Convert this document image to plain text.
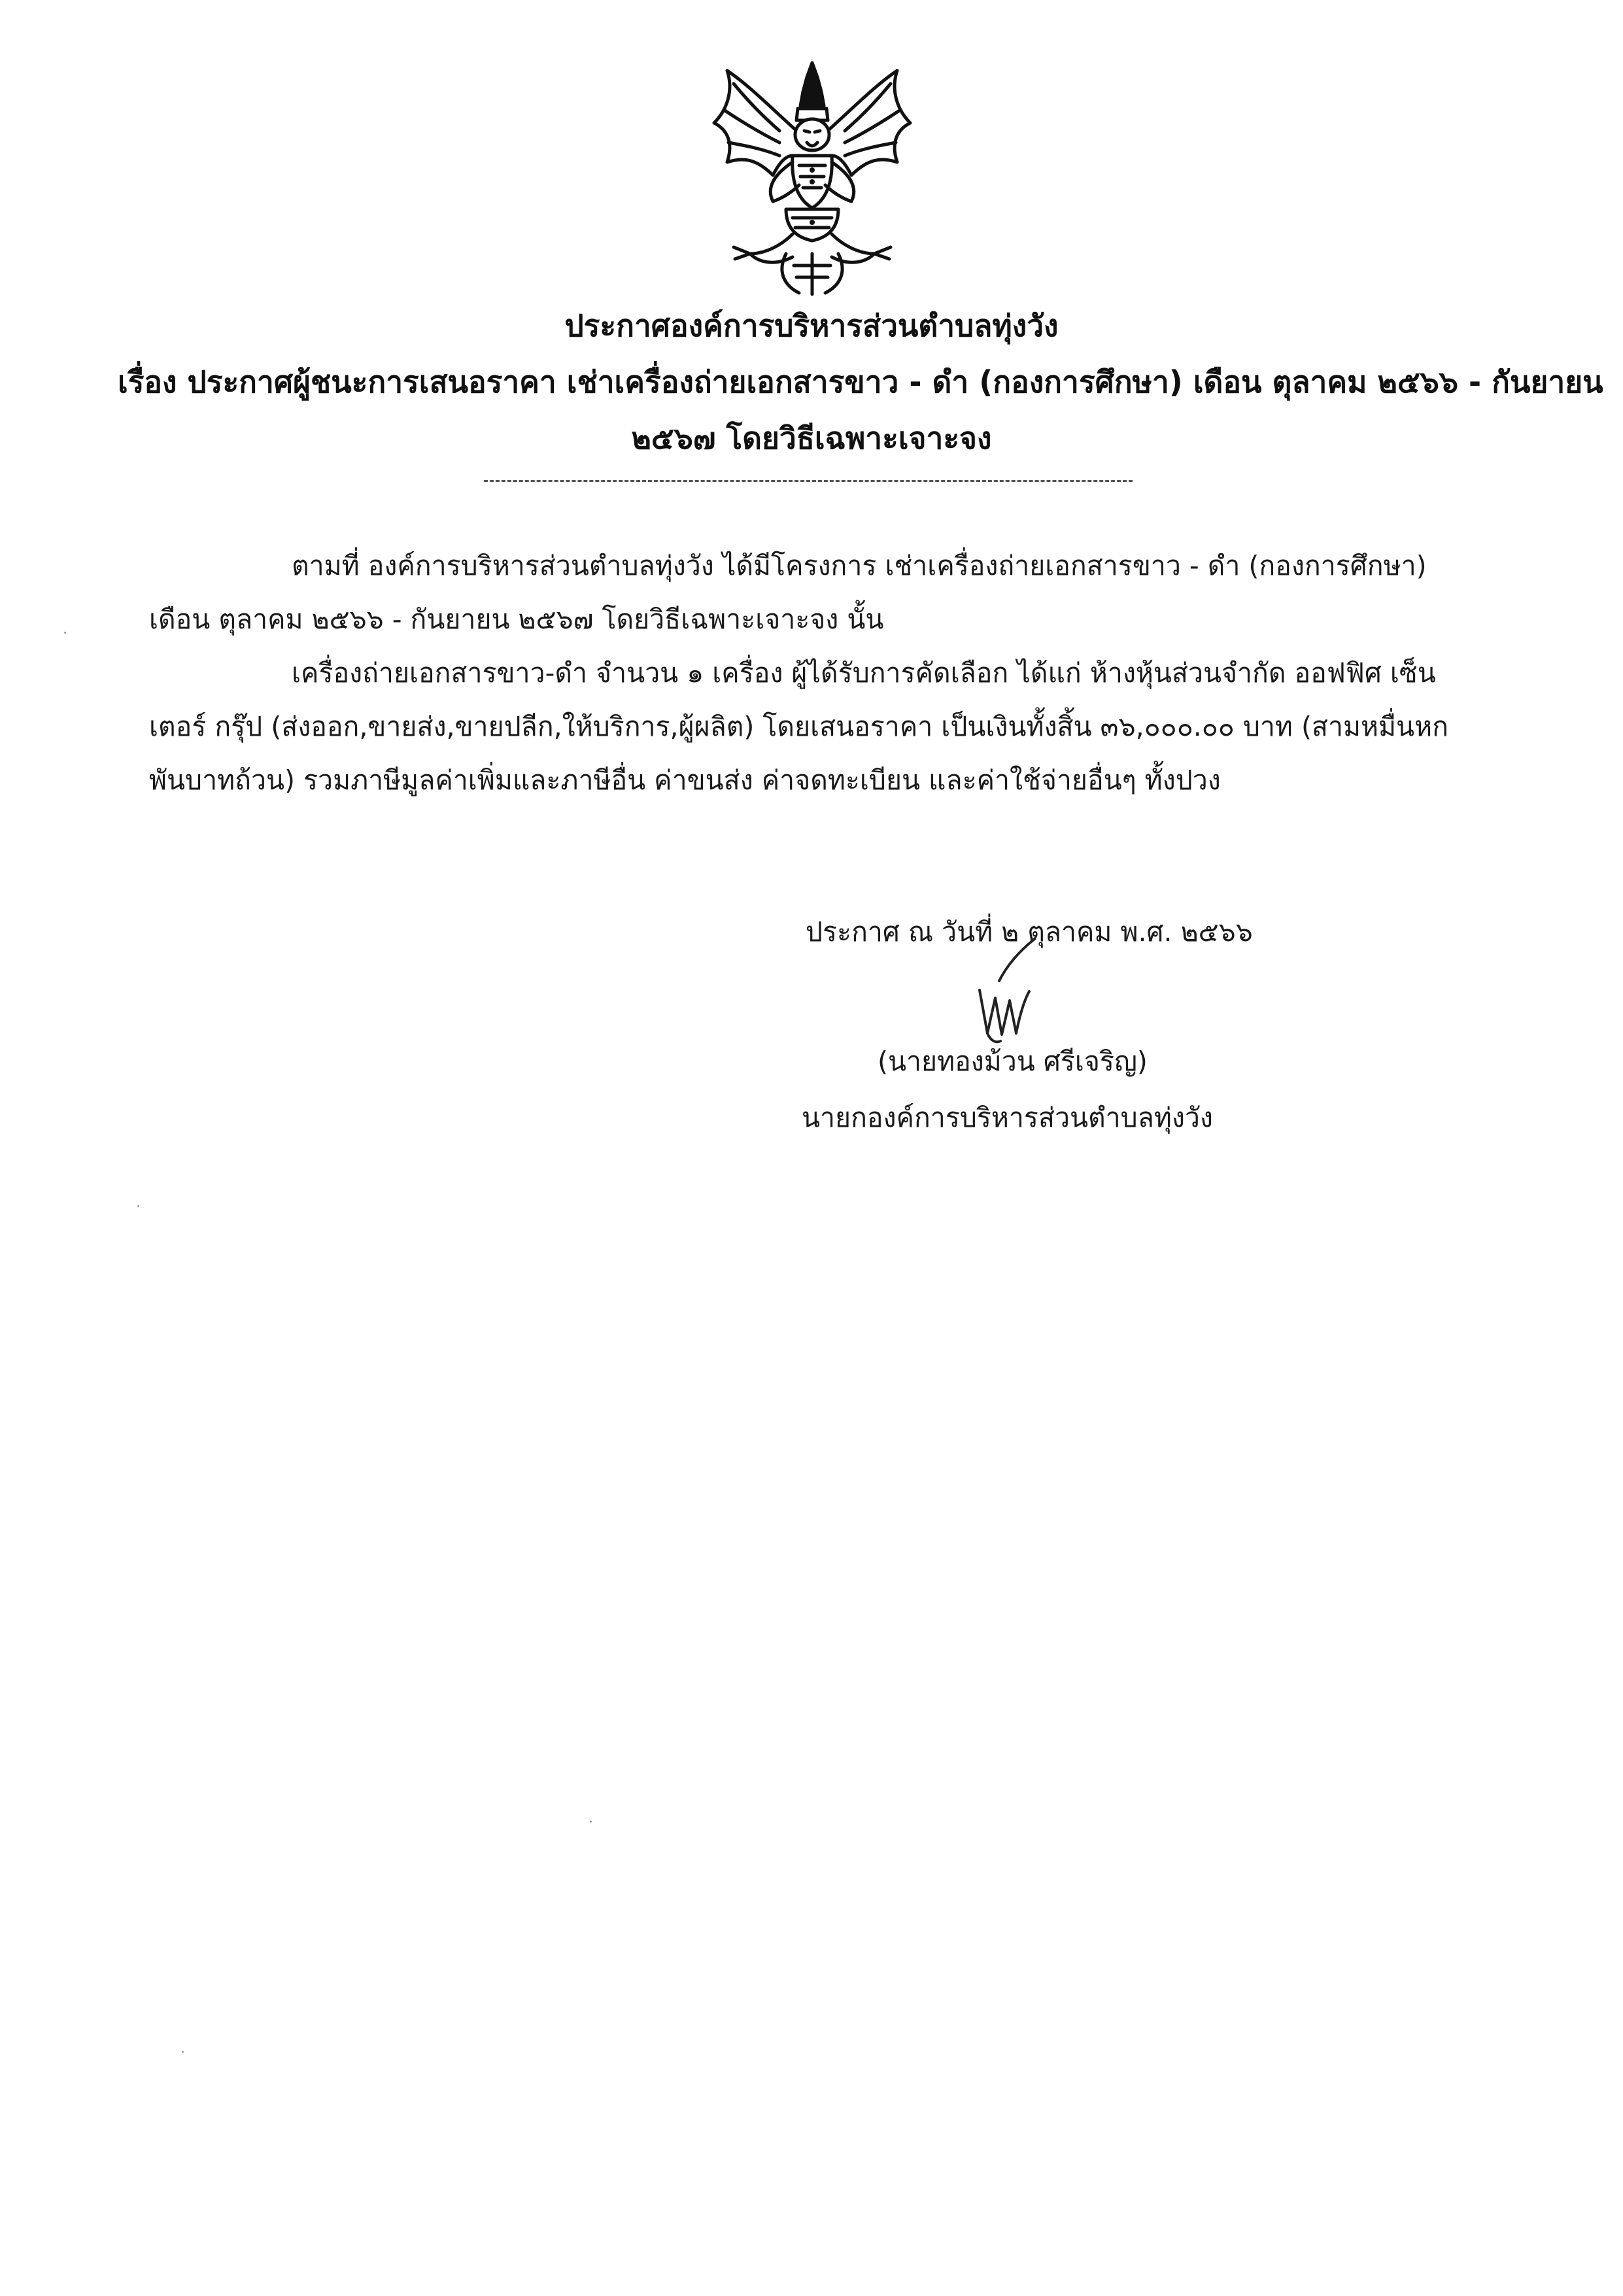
ประกาศองค์การบริหารส่วนตำบลทุ่งวัง
เรื่อง ประกาศผู้ชนะการเสนอราคา เช่าเครื่องถ่ายเอกสารขาว - ดำ (กองการศึกษา) เดือน ตุลาคม ๒๕๖๖ - กันยายน
๒๕๖๗ โดยวิธีเฉพาะเจาะจง
ตามที่ องค์การบริหารส่วนตำบลทุ่งวัง ได้มีโครงการ เช่าเครื่องถ่ายเอกสารขาว - ดำ (กองการศึกษา)
เดือน ตุลาคม ๒๕๖๖ - กันยายน ๒๕๖๗ โดยวิธีเฉพาะเจาะจง นั้น
เครื่องถ่ายเอกสารขาว-ดำ จำนวน ๑ เครื่อง ผู้ได้รับการคัดเลือก ได้แก่ ห้างหุ้นส่วนจำกัด ออฟฟิศ เซ็น
เตอร์ กรุ๊ป (ส่งออก,ขายส่ง,ขายปลีก,ให้บริการ,ผู้ผลิต) โดยเสนอราคา เป็นเงินทั้งสิ้น ๓๖,๐๐๐.๐๐ บาท (สามหมื่นหก
พันบาทถ้วน) รวมภาษีมูลค่าเพิ่มและภาษีอื่น ค่าขนส่ง ค่าจดทะเบียน และค่าใช้จ่ายอื่นๆ ทั้งปวง
ประกาศ ณ วันที่ ๒ ตุลาคม พ.ศ. ๒๕๖๖
(นายทองม้วน ศรีเจริญ)
นายกองค์การบริหารส่วนตำบลทุ่งวัง
